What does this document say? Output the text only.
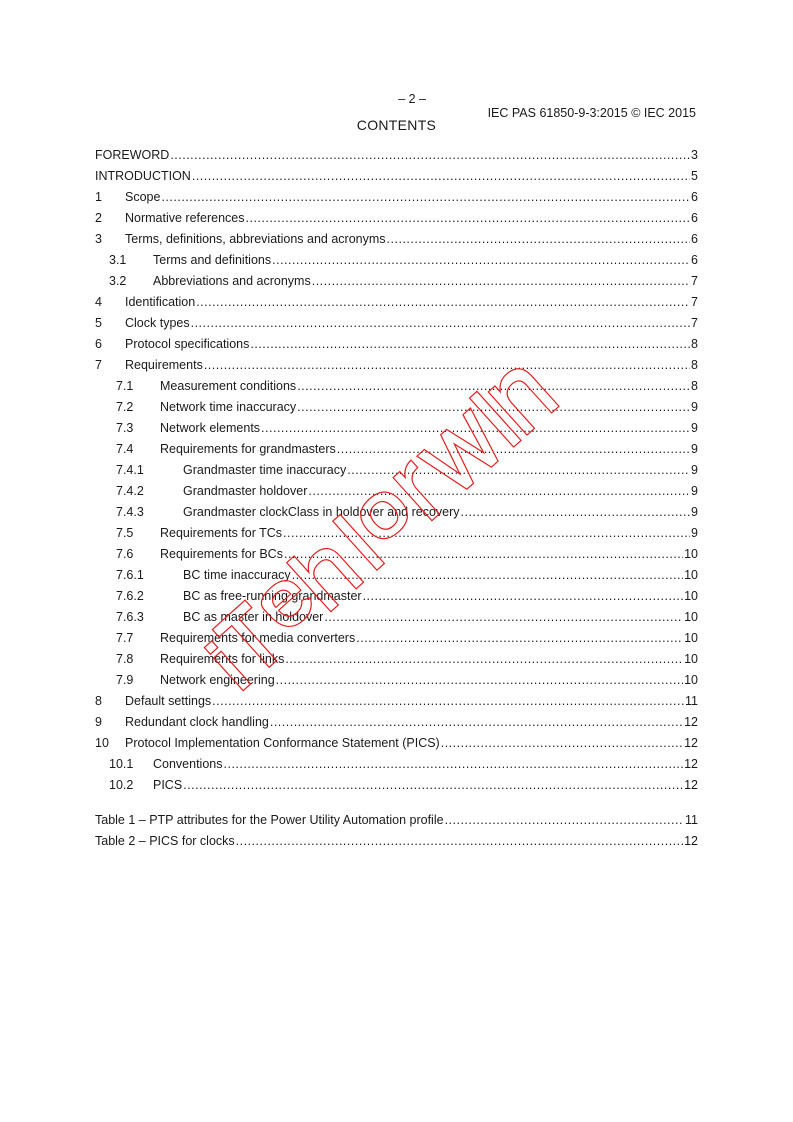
– 2 –

IEC PAS 61850-9-3:2015 © IEC 2015

CONTENTS
FOREWORD .....	3
INTRODUCTION .....	5
1	Scope .....	6
2	Normative references .....	6
3	Terms, definitions, abbreviations and acronyms .....	6
3.1	Terms and definitions .....	6
3.2	Abbreviations and acronyms .....	7
4	Identification .....	7
5	Clock types .....	7
6	Protocol specifications .....	8
7	Requirements .....	8
7.1	Measurement conditions .....	8
7.2	Network time inaccuracy .....	9
7.3	Network elements .....	9
7.4	Requirements for grandmasters .....	9
7.4.1	Grandmaster time inaccuracy .....	9
7.4.2	Grandmaster holdover .....	9
7.4.3	Grandmaster clockClass in holdover and recovery .....	9
7.5	Requirements for TCs .....	9
7.6	Requirements for BCs .....	10
7.6.1	BC time inaccuracy .....	10
7.6.2	BC as free-running grandmaster .....	10
7.6.3	BC as master in holdover .....	10
7.7	Requirements for media converters .....	10
7.8	Requirements for links .....	10
7.9	Network engineering .....	10
8	Default settings .....	11
9	Redundant clock handling .....	12
10	Protocol Implementation Conformance Statement (PICS) .....	12
10.1	Conventions .....	12
10.2	PICS .....	12
Table 1 – PTP attributes for the Power Utility Automation profile .....	11
Table 2 – PICS for clocks .....	12
